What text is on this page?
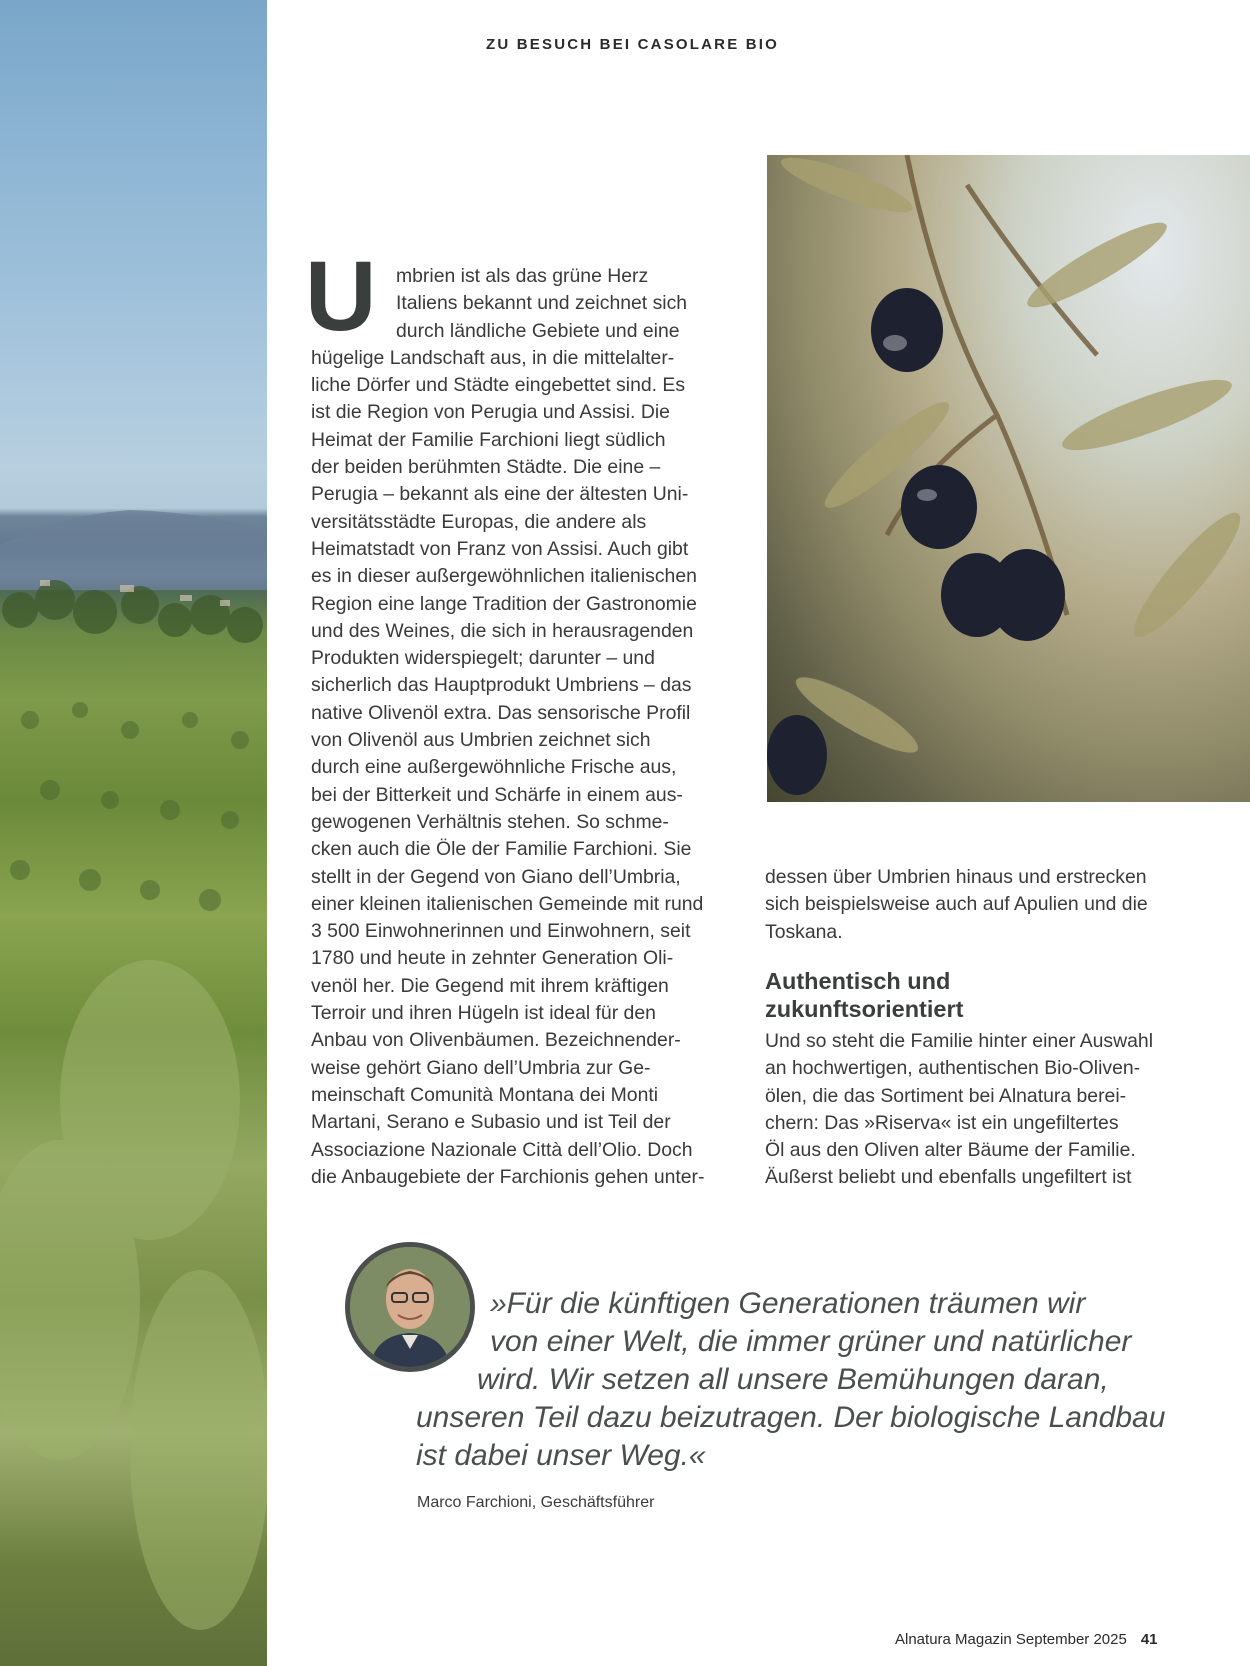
ZU BESUCH BEI CASOLARE BIO
U	mbrien ist als das grüne Herz
Italiens bekannt und zeichnet sich
durch ländliche Gebiete und eine
hügelige Landschaft aus, in die mittelalter-
liche Dörfer und Städte eingebettet sind. Es
ist die Region von Perugia und Assisi. Die
Heimat der Familie Farchioni liegt südlich
der beiden berühmten Städte. Die eine –
Perugia – bekannt als eine der ältesten Uni-
versitätsstädte Europas, die andere als
Heimatstadt von Franz von Assisi. Auch gibt
es in dieser außergewöhnlichen italienischen
Region eine lange Tradition der Gastronomie
und des Weines, die sich in herausragenden
Produkten widerspiegelt; darunter – und
sicherlich das Hauptprodukt Umbriens – das
native Olivenöl extra. Das sensorische Profil
von Olivenöl aus Umbrien zeichnet sich
durch eine außergewöhnliche Frische aus,
bei der Bitterkeit und Schärfe in einem aus-
gewogenen Verhältnis stehen. So schme-
cken auch die Öle der Familie Farchioni. Sie
stellt in der Gegend von Giano dell’Umbria,
einer kleinen italienischen Gemeinde mit rund
3 500 Einwohnerinnen und Einwohnern, seit
1780 und heute in zehnter Generation Oli-
venöl her. Die Gegend mit ihrem kräftigen
Terroir und ihren Hügeln ist ideal für den
Anbau von Olivenbäumen. Bezeichnender-
weise gehört Giano dell’Umbria zur Ge-
meinschaft Comunità Montana dei Monti
Martani, Serano e Subasio und ist Teil der
Associazione Nazionale Città dell’Olio. Doch
die Anbaugebiete der Farchionis gehen unter-
dessen über Umbrien hinaus und erstrecken
sich beispielsweise auch auf Apulien und die
Toskana.
Authentisch und
zukunftsorientiert
Und so steht die Familie hinter einer Auswahl
an hochwertigen, authentischen Bio-Oliven-
ölen, die das Sortiment bei Alnatura berei-
chern: Das »Riserva« ist ein ungefiltertes
Öl aus den Oliven alter Bäume der Familie.
Äußerst beliebt und ebenfalls ungefiltert ist
»Für die künftigen Generationen träumen wir
von einer Welt, die immer grüner und natürlicher
wird. Wir setzen all unsere Bemühungen daran,
unseren Teil dazu beizutragen. Der biologische Landbau
ist dabei unser Weg.«
Marco Farchioni, Geschäftsführer
Alnatura Magazin September 2025 41
